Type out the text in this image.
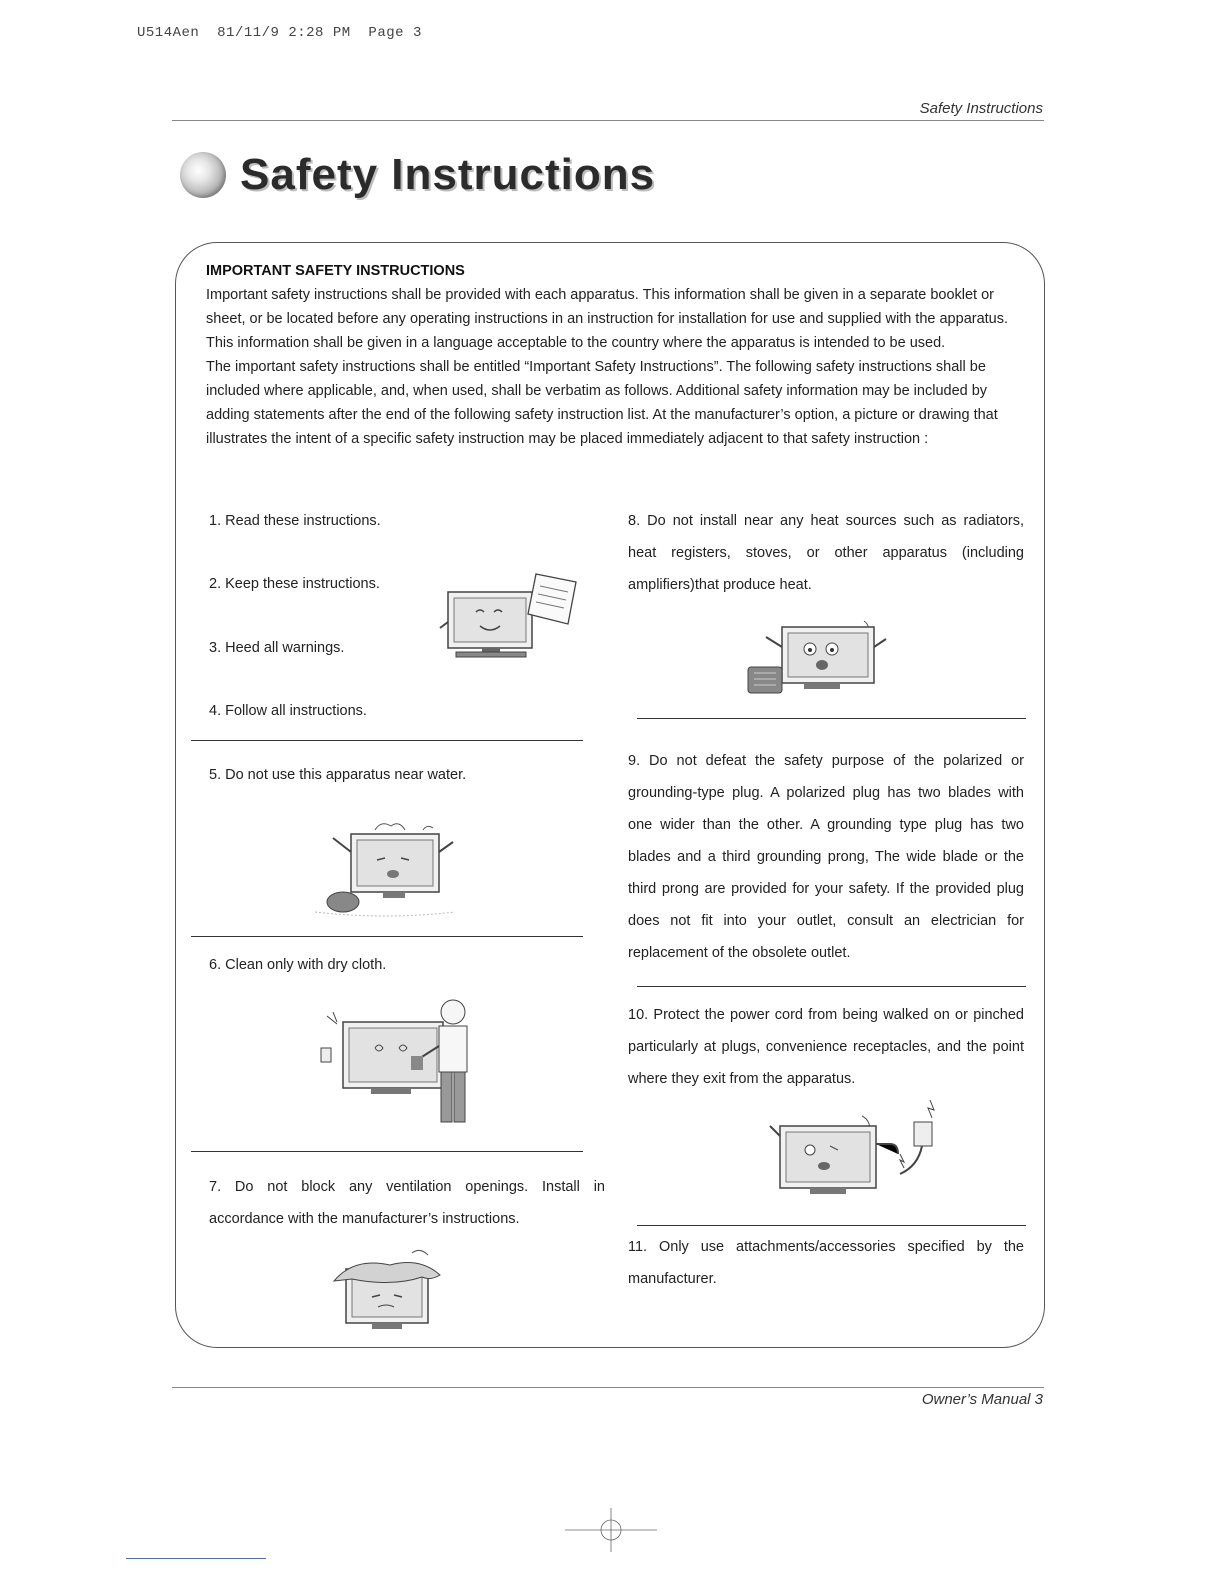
U514Aen  81/11/9 2:28 PM  Page 3
Safety Instructions
Safety Instructions
IMPORTANT SAFETY INSTRUCTIONS

Important safety instructions shall be provided with each apparatus. This information shall be given in a separate booklet or sheet, or be located before any operating instructions in an instruction for installation for use and supplied with the apparatus.

This information shall be given in a language acceptable to the country where the apparatus is intended to be used.

The important safety instructions shall be entitled “Important Safety Instructions”. The following safety instructions shall be included where applicable, and, when used, shall be verbatim as follows. Additional safety information may be included by adding statements after the end of the following safety instruction list. At the manufacturer’s option, a picture or drawing that illustrates the intent of a specific safety instruction may be placed immediately adjacent to that safety instruction :

1. Read these instructions.

2. Keep these instructions.

3. Heed all warnings.

4. Follow all instructions.

5. Do not use this apparatus near water.

6. Clean only with dry cloth.

7. Do not block any ventilation openings. Install in accordance with the manufacturer’s instructions.

8. Do not install near any heat sources such as radiators, heat registers, stoves, or other apparatus (including amplifiers)that produce heat.

9. Do not defeat the safety purpose of the polarized or grounding-type plug. A polarized plug has two blades with one wider than the other. A grounding type plug has two blades and a third grounding prong, The wide blade or the third prong are provided for your safety. If the provided plug does not fit into your outlet, consult an electrician for replacement of the obsolete outlet.

10. Protect the power cord from being walked on or pinched particularly at plugs, convenience receptacles, and the point where they exit from the apparatus.

11. Only use attachments/accessories specified by the manufacturer.

Owner’s Manual 3
